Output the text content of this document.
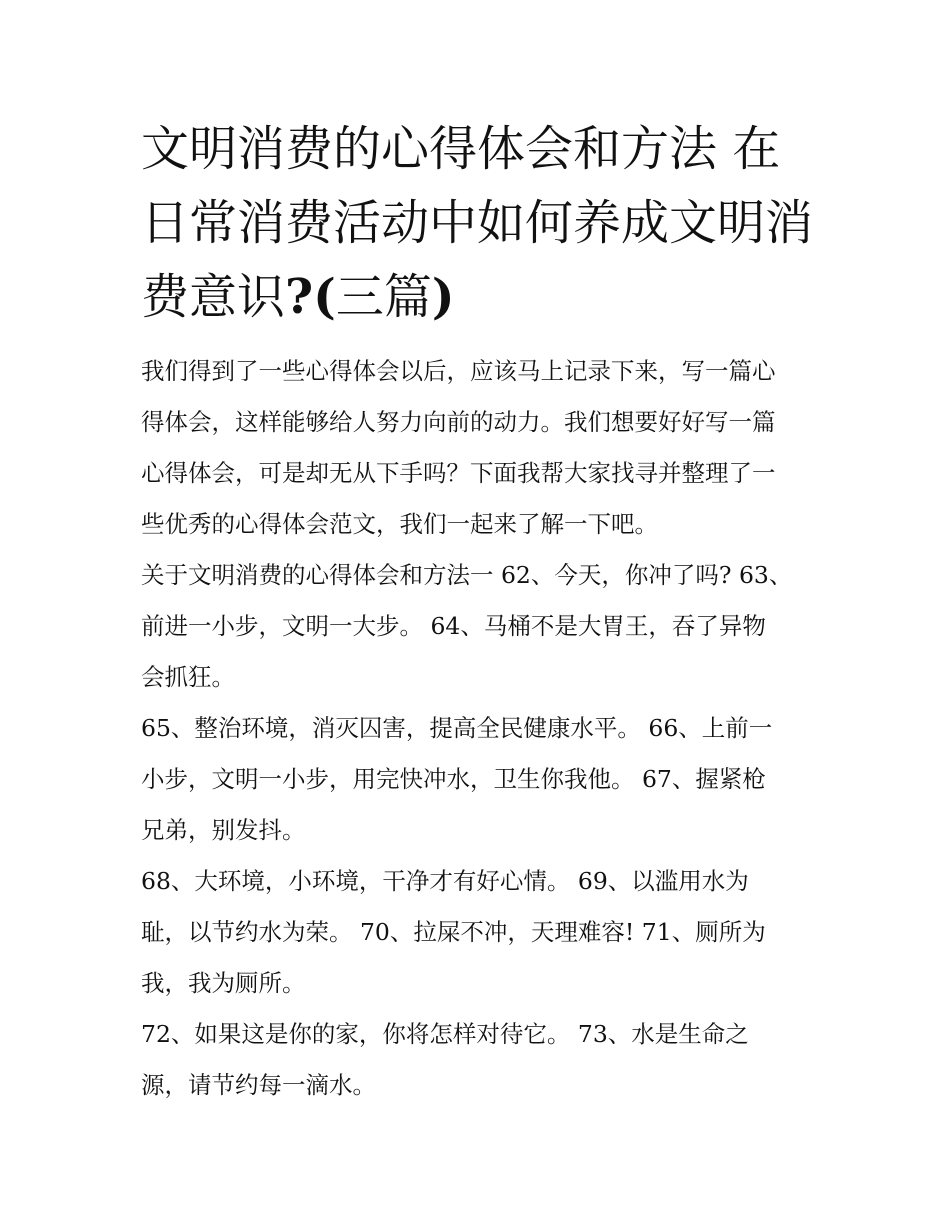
文明消费的心得体会和方法 在日常消费活动中如何养成文明消费意识?(三篇)

我们得到了一些心得体会以后，应该马上记录下来，写一篇心
得体会，这样能够给人努力向前的动力。我们想要好好写一篇
心得体会，可是却无从下手吗？下面我帮大家找寻并整理了一
些优秀的心得体会范文，我们一起来了解一下吧。

关于文明消费的心得体会和方法一 62、今天，你冲了吗? 63、
前进一小步，文明一大步。 64、马桶不是大胃王，吞了异物
会抓狂。

65、整治环境，消灭囚害，提高全民健康水平。 66、上前一
小步，文明一小步，用完快冲水，卫生你我他。 67、握紧枪
兄弟，别发抖。

68、大环境，小环境，干净才有好心情。 69、以滥用水为
耻，以节约水为荣。 70、拉屎不冲，天理难容! 71、厕所为
我，我为厕所。

72、如果这是你的家，你将怎样对待它。 73、水是生命之
源，请节约每一滴水。
